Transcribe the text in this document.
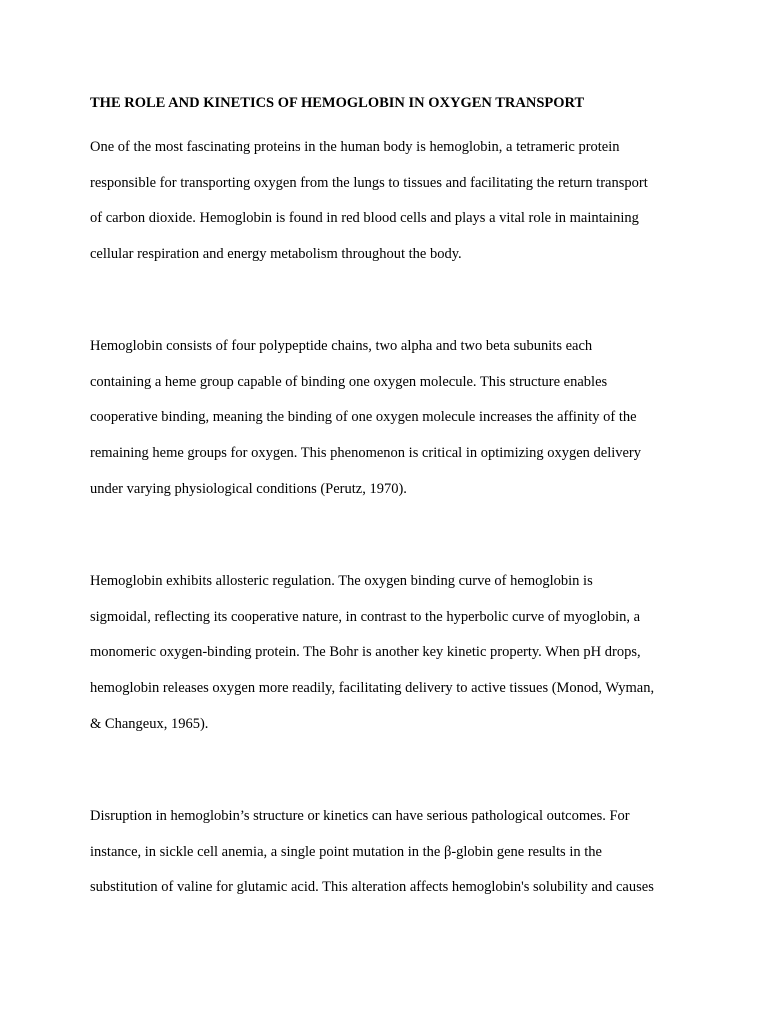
THE ROLE AND KINETICS OF HEMOGLOBIN IN OXYGEN TRANSPORT

One of the most fascinating proteins in the human body is hemoglobin, a tetrameric protein
responsible for transporting oxygen from the lungs to tissues and facilitating the return transport
of carbon dioxide. Hemoglobin is found in red blood cells and plays a vital role in maintaining
cellular respiration and energy metabolism throughout the body.

Hemoglobin consists of four polypeptide chains, two alpha and two beta subunits each
containing a heme group capable of binding one oxygen molecule. This structure enables
cooperative binding, meaning the binding of one oxygen molecule increases the affinity of the
remaining heme groups for oxygen. This phenomenon is critical in optimizing oxygen delivery
under varying physiological conditions (Perutz, 1970).

Hemoglobin exhibits allosteric regulation. The oxygen binding curve of hemoglobin is
sigmoidal, reflecting its cooperative nature, in contrast to the hyperbolic curve of myoglobin, a
monomeric oxygen-binding protein. The Bohr is another key kinetic property. When pH drops,
hemoglobin releases oxygen more readily, facilitating delivery to active tissues (Monod, Wyman,
& Changeux, 1965).

Disruption in hemoglobin’s structure or kinetics can have serious pathological outcomes. For
instance, in sickle cell anemia, a single point mutation in the β-globin gene results in the
substitution of valine for glutamic acid. This alteration affects hemoglobin's solubility and causes
